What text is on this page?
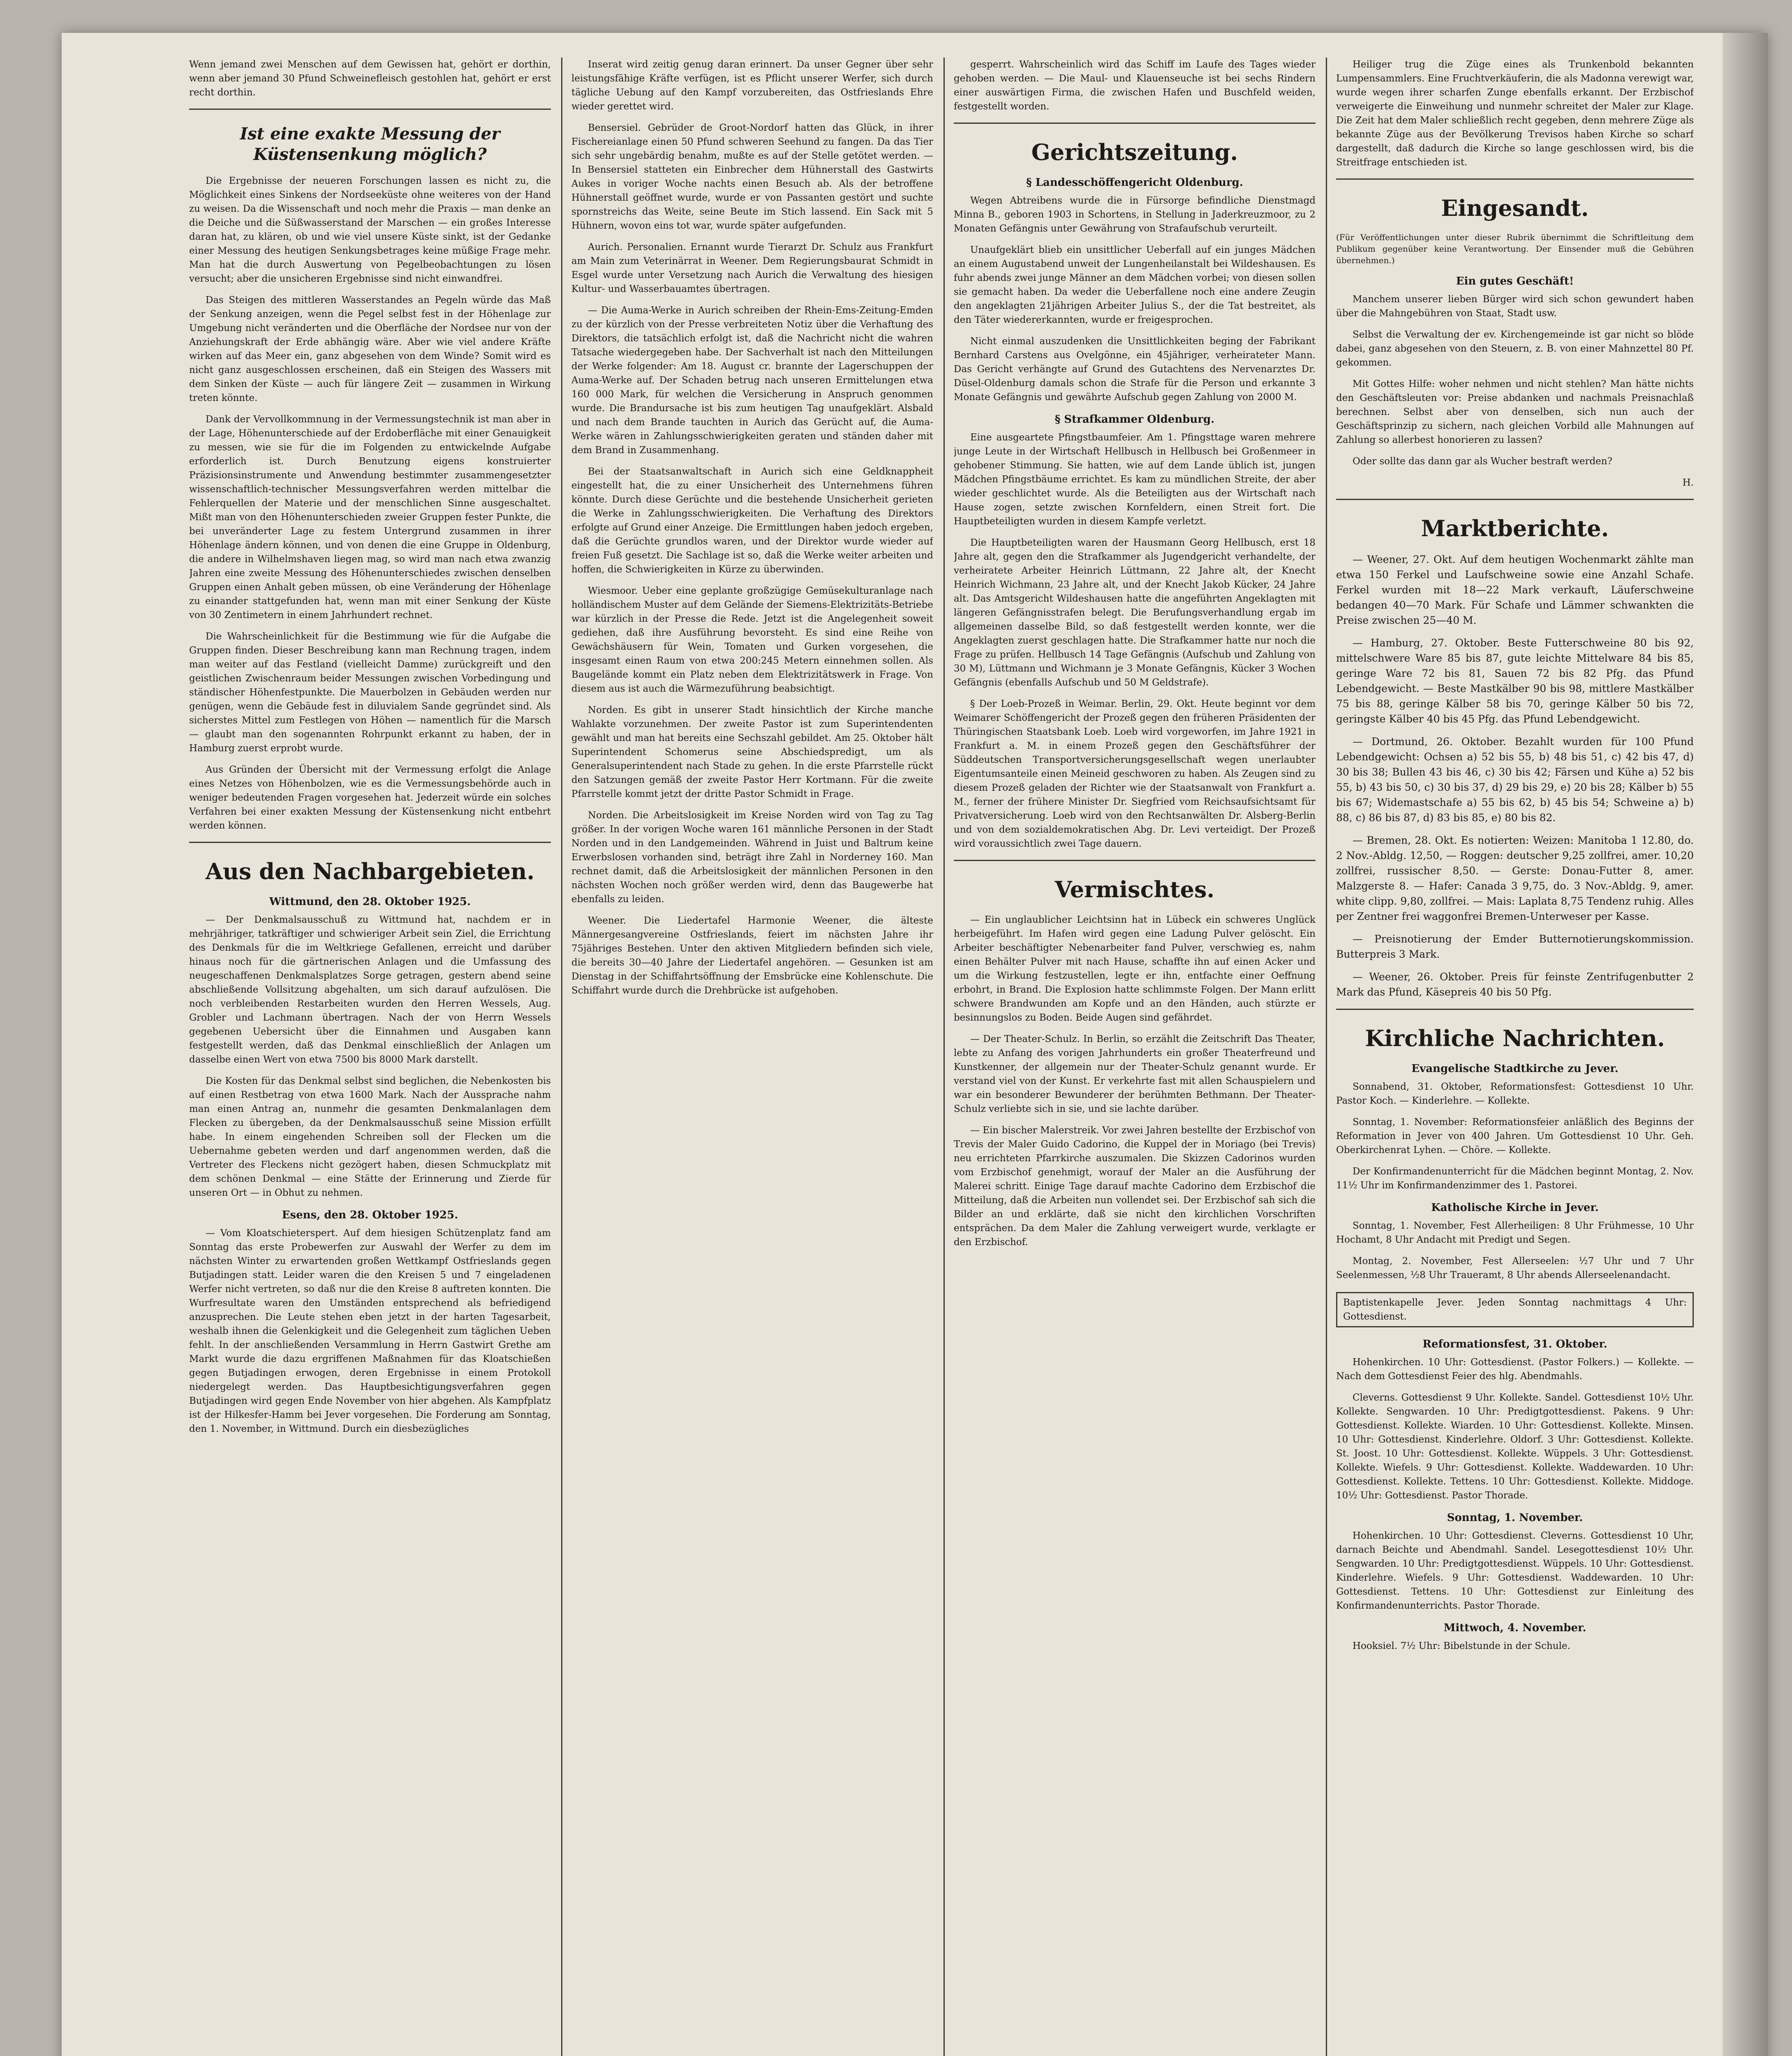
Wenn jemand zwei Menschen auf dem Gewissen hat, gehört er dorthin, wenn aber jemand 30 Pfund Schweinefleisch gestohlen hat, gehört er erst recht dorthin.

Ist eine exakte Messung der Küstensenkung möglich?

Die Ergebnisse der neueren Forschungen lassen es nicht zu, die Möglichkeit eines Sinkens der Nordseeküste ohne weiteres von der Hand zu weisen. Da die Wissenschaft und noch mehr die Praxis — man denke an die Deiche und die Süßwasserstand der Marschen — ein großes Interesse daran hat, zu klären, ob und wie viel unsere Küste sinkt, ist der Gedanke einer Messung des heutigen Senkungsbetrages keine müßige Frage mehr. Man hat die durch Auswertung von Pegelbeobachtungen zu lösen versucht; aber die unsicheren Ergebnisse sind nicht einwandfrei.

Das Steigen des mittleren Wasserstandes an Pegeln würde das Maß der Senkung anzeigen, wenn die Pegel selbst fest in der Höhenlage zur Umgebung nicht veränderten und die Oberfläche der Nordsee nur von der Anziehungskraft der Erde abhängig wäre. Aber wie viel andere Kräfte wirken auf das Meer ein, ganz abgesehen von dem Winde? Somit wird es nicht ganz ausgeschlossen erscheinen, daß ein Steigen des Wassers mit dem Sinken der Küste — auch für längere Zeit — zusammen in Wirkung treten könnte.

Dank der Vervollkommnung in der Vermessungstechnik ist man aber in der Lage, Höhenunterschiede auf der Erdoberfläche mit einer Genauigkeit zu messen, wie sie für die im Folgenden zu entwickelnde Aufgabe erforderlich ist. Durch Benutzung eigens konstruierter Präzisionsinstrumente und Anwendung bestimmter zusammengesetzter wissenschaftlich-technischer Messungsverfahren werden mittelbar die Fehlerquellen der Materie und der menschlichen Sinne ausgeschaltet. Mißt man von den Höhenunterschieden zweier Gruppen fester Punkte, die bei unveränderter Lage zu festem Untergrund zusammen in ihrer Höhenlage ändern können, und von denen die eine Gruppe in Oldenburg, die andere in Wilhelmshaven liegen mag, so wird man nach etwa zwanzig Jahren eine zweite Messung des Höhenunterschiedes zwischen denselben Gruppen einen Anhalt geben müssen, ob eine Veränderung der Höhenlage zu einander stattgefunden hat, wenn man mit einer Senkung der Küste von 30 Zentimetern in einem Jahrhundert rechnet.

Die Wahrscheinlichkeit für die Bestimmung wie für die Aufgabe die Gruppen finden. Dieser Beschreibung kann man Rechnung tragen, indem man weiter auf das Festland (vielleicht Damme) zurückgreift und den geistlichen Zwischenraum beider Messungen zwischen Vorbedingung und ständischer Höhenfestpunkte. Die Mauerbolzen in Gebäuden werden nur genügen, wenn die Gebäude fest in diluvialem Sande gegründet sind. Als sicherstes Mittel zum Festlegen von Höhen — namentlich für die Marsch — glaubt man den sogenannten Rohrpunkt erkannt zu haben, der in Hamburg zuerst erprobt wurde.

Aus Gründen der Übersicht mit der Vermessung erfolgt die Anlage eines Netzes von Höhenbolzen, wie es die Vermessungsbehörde auch in weniger bedeutenden Fragen vorgesehen hat. Jederzeit würde ein solches Verfahren bei einer exakten Messung der Küstensenkung nicht entbehrt werden können.

Aus den Nachbargebieten.
Wittmund, den 28. Oktober 1925.

— Der Denkmalsausschuß zu Wittmund hat, nachdem er in mehrjähriger, tatkräftiger und schwieriger Arbeit sein Ziel, die Errichtung des Denkmals für die im Weltkriege Gefallenen, erreicht und darüber hinaus noch für die gärtnerischen Anlagen und die Umfassung des neugeschaffenen Denkmalsplatzes Sorge getragen, gestern abend seine abschließende Vollsitzung abgehalten, um sich darauf aufzulösen. Die noch verbleibenden Restarbeiten wurden den Herren Wessels, Aug. Grobler und Lachmann übertragen. Nach der von Herrn Wessels gegebenen Uebersicht über die Einnahmen und Ausgaben kann festgestellt werden, daß das Denkmal einschließlich der Anlagen um dasselbe einen Wert von etwa 7500 bis 8000 Mark darstellt.

Die Kosten für das Denkmal selbst sind beglichen, die Nebenkosten bis auf einen Restbetrag von etwa 1600 Mark. Nach der Aussprache nahm man einen Antrag an, nunmehr die gesamten Denkmalanlagen dem Flecken zu übergeben, da der Denkmalsausschuß seine Mission erfüllt habe. In einem eingehenden Schreiben soll der Flecken um die Uebernahme gebeten werden und darf angenommen werden, daß die Vertreter des Fleckens nicht gezögert haben, diesen Schmuckplatz mit dem schönen Denkmal — eine Stätte der Erinnerung und Zierde für unseren Ort — in Obhut zu nehmen.

Esens, den 28. Oktober 1925.

— Vom Kloatschieterspert. Auf dem hiesigen Schützenplatz fand am Sonntag das erste Probewerfen zur Auswahl der Werfer zu dem im nächsten Winter zu erwartenden großen Wettkampf Ostfrieslands gegen Butjadingen statt. Leider waren die den Kreisen 5 und 7 eingeladenen Werfer nicht vertreten, so daß nur die den Kreise 8 auftreten konnten. Die Wurfresultate waren den Umständen entsprechend als befriedigend anzusprechen. Die Leute stehen eben jetzt in der harten Tagesarbeit, weshalb ihnen die Gelenkigkeit und die Gelegenheit zum täglichen Ueben fehlt. In der anschließenden Versammlung in Herrn Gastwirt Grethe am Markt wurde die dazu ergriffenen Maßnahmen für das Kloatschießen gegen Butjadingen erwogen, deren Ergebnisse in einem Protokoll niedergelegt werden. Das Hauptbesichtigungsverfahren gegen Butjadingen wird gegen Ende November von hier abgehen. Als Kampfplatz ist der Hilkesfer-Hamm bei Jever vorgesehen. Die Forderung am Sonntag, den 1. November, in Wittmund. Durch ein diesbezügliches

Inserat wird zeitig genug daran erinnert. Da unser Gegner über sehr leistungsfähige Kräfte verfügen, ist es Pflicht unserer Werfer, sich durch tägliche Uebung auf den Kampf vorzubereiten, das Ostfrieslands Ehre wieder gerettet wird.

Bensersiel. Gebrüder de Groot-Nordorf hatten das Glück, in ihrer Fischereianlage einen 50 Pfund schweren Seehund zu fangen. Da das Tier sich sehr ungebärdig benahm, mußte es auf der Stelle getötet werden. — In Bensersiel statteten ein Einbrecher dem Hühnerstall des Gastwirts Aukes in voriger Woche nachts einen Besuch ab. Als der betroffene Hühnerstall geöffnet wurde, wurde er von Passanten gestört und suchte spornstreichs das Weite, seine Beute im Stich lassend. Ein Sack mit 5 Hühnern, wovon eins tot war, wurde später aufgefunden.

Aurich. Personalien. Ernannt wurde Tierarzt Dr. Schulz aus Frankfurt am Main zum Veterinärrat in Weener. Dem Regierungsbaurat Schmidt in Esgel wurde unter Versetzung nach Aurich die Verwaltung des hiesigen Kultur- und Wasserbauamtes übertragen.

— Die Auma-Werke in Aurich schreiben der Rhein-Ems-Zeitung-Emden zu der kürzlich von der Presse verbreiteten Notiz über die Verhaftung des Direktors, die tatsächlich erfolgt ist, daß die Nachricht nicht die wahren Tatsache wiedergegeben habe. Der Sachverhalt ist nach den Mitteilungen der Werke folgender: Am 18. August cr. brannte der Lagerschuppen der Auma-Werke auf. Der Schaden betrug nach unseren Ermittelungen etwa 160 000 Mark, für welchen die Versicherung in Anspruch genommen wurde. Die Brandursache ist bis zum heutigen Tag unaufgeklärt. Alsbald und nach dem Brande tauchten in Aurich das Gerücht auf, die Auma-Werke wären in Zahlungsschwierigkeiten geraten und ständen daher mit dem Brand in Zusammenhang.

Bei der Staatsanwaltschaft in Aurich sich eine Geldknappheit eingestellt hat, die zu einer Unsicherheit des Unternehmens führen könnte. Durch diese Gerüchte und die bestehende Unsicherheit gerieten die Werke in Zahlungsschwierigkeiten. Die Verhaftung des Direktors erfolgte auf Grund einer Anzeige. Die Ermittlungen haben jedoch ergeben, daß die Gerüchte grundlos waren, und der Direktor wurde wieder auf freien Fuß gesetzt. Die Sachlage ist so, daß die Werke weiter arbeiten und hoffen, die Schwierigkeiten in Kürze zu überwinden.

Wiesmoor. Ueber eine geplante großzügige Gemüsekulturanlage nach holländischem Muster auf dem Gelände der Siemens-Elektrizitäts-Betriebe war kürzlich in der Presse die Rede. Jetzt ist die Angelegenheit soweit gediehen, daß ihre Ausführung bevorsteht. Es sind eine Reihe von Gewächshäusern für Wein, Tomaten und Gurken vorgesehen, die insgesamt einen Raum von etwa 200:245 Metern einnehmen sollen. Als Baugelände kommt ein Platz neben dem Elektrizitätswerk in Frage. Von diesem aus ist auch die Wärmezuführung beabsichtigt.

Norden. Es gibt in unserer Stadt hinsichtlich der Kirche manche Wahlakte vorzunehmen. Der zweite Pastor ist zum Superintendenten gewählt und man hat bereits eine Sechszahl gebildet. Am 25. Oktober hält Superintendent Schomerus seine Abschiedspredigt, um als Generalsuperintendent nach Stade zu gehen. In die erste Pfarrstelle rückt den Satzungen gemäß der zweite Pastor Herr Kortmann. Für die zweite Pfarrstelle kommt jetzt der dritte Pastor Schmidt in Frage.

Norden. Die Arbeitslosigkeit im Kreise Norden wird von Tag zu Tag größer. In der vorigen Woche waren 161 männliche Personen in der Stadt Norden und in den Landgemeinden. Während in Juist und Baltrum keine Erwerbslosen vorhanden sind, beträgt ihre Zahl in Norderney 160. Man rechnet damit, daß die Arbeitslosigkeit der männlichen Personen in den nächsten Wochen noch größer werden wird, denn das Baugewerbe hat ebenfalls zu leiden.

Weener. Die Liedertafel Harmonie Weener, die älteste Männergesangvereine Ostfrieslands, feiert im nächsten Jahre ihr 75jähriges Bestehen. Unter den aktiven Mitgliedern befinden sich viele, die bereits 30—40 Jahre der Liedertafel angehören. — Gesunken ist am Dienstag in der Schiffahrtsöffnung der Emsbrücke eine Kohlenschute. Die Schiffahrt wurde durch die Drehbrücke ist aufgehoben.

gesperrt. Wahrscheinlich wird das Schiff im Laufe des Tages wieder gehoben werden. — Die Maul- und Klauenseuche ist bei sechs Rindern einer auswärtigen Firma, die zwischen Hafen und Buschfeld weiden, festgestellt worden.

Gerichtszeitung.
§ Landesschöffengericht Oldenburg.

Wegen Abtreibens wurde die in Fürsorge befindliche Dienstmagd Minna B., geboren 1903 in Schortens, in Stellung in Jaderkreuzmoor, zu 2 Monaten Gefängnis unter Gewährung von Strafaufschub verurteilt.

Unaufgeklärt blieb ein unsittlicher Ueberfall auf ein junges Mädchen an einem Augustabend unweit der Lungenheilanstalt bei Wildeshausen. Es fuhr abends zwei junge Männer an dem Mädchen vorbei; von diesen sollen sie gemacht haben. Da weder die Ueberfallene noch eine andere Zeugin den angeklagten 21jährigen Arbeiter Julius S., der die Tat bestreitet, als den Täter wiedererkannten, wurde er freigesprochen.

Nicht einmal auszudenken die Unsittlichkeiten beging der Fabrikant Bernhard Carstens aus Ovelgönne, ein 45jähriger, verheirateter Mann. Das Gericht verhängte auf Grund des Gutachtens des Nervenarztes Dr. Düsel-Oldenburg damals schon die Strafe für die Person und erkannte 3 Monate Gefängnis und gewährte Aufschub gegen Zahlung von 2000 M.

§ Strafkammer Oldenburg.

Eine ausgeartete Pfingstbaumfeier. Am 1. Pfingsttage waren mehrere junge Leute in der Wirtschaft Hellbusch in Hellbusch bei Großenmeer in gehobener Stimmung. Sie hatten, wie auf dem Lande üblich ist, jungen Mädchen Pfingstbäume errichtet. Es kam zu mündlichen Streite, der aber wieder geschlichtet wurde. Als die Beteiligten aus der Wirtschaft nach Hause zogen, setzte zwischen Kornfeldern, einen Streit fort. Die Hauptbeteiligten wurden in diesem Kampfe verletzt.

Die Hauptbeteiligten waren der Hausmann Georg Hellbusch, erst 18 Jahre alt, gegen den die Strafkammer als Jugendgericht verhandelte, der verheiratete Arbeiter Heinrich Lüttmann, 22 Jahre alt, der Knecht Heinrich Wichmann, 23 Jahre alt, und der Knecht Jakob Kücker, 24 Jahre alt. Das Amtsgericht Wildeshausen hatte die angeführten Angeklagten mit längeren Gefängnisstrafen belegt. Die Berufungsverhandlung ergab im allgemeinen dasselbe Bild, so daß festgestellt werden konnte, wer die Angeklagten zuerst geschlagen hatte. Die Strafkammer hatte nur noch die Frage zu prüfen. Hellbusch 14 Tage Gefängnis (Aufschub und Zahlung von 30 M), Lüttmann und Wichmann je 3 Monate Gefängnis, Kücker 3 Wochen Gefängnis (ebenfalls Aufschub und 50 M Geldstrafe).

§ Der Loeb-Prozeß in Weimar. Berlin, 29. Okt. Heute beginnt vor dem Weimarer Schöffengericht der Prozeß gegen den früheren Präsidenten der Thüringischen Staatsbank Loeb. Loeb wird vorgeworfen, im Jahre 1921 in Frankfurt a. M. in einem Prozeß gegen den Geschäftsführer der Süddeutschen Transportversicherungsgesellschaft wegen unerlaubter Eigentumsanteile einen Meineid geschworen zu haben. Als Zeugen sind zu diesem Prozeß geladen der Richter wie der Staatsanwalt von Frankfurt a. M., ferner der frühere Minister Dr. Siegfried vom Reichsaufsichtsamt für Privatversicherung. Loeb wird von den Rechtsanwälten Dr. Alsberg-Berlin und von dem sozialdemokratischen Abg. Dr. Levi verteidigt. Der Prozeß wird voraussichtlich zwei Tage dauern.

Vermischtes.

— Ein unglaublicher Leichtsinn hat in Lübeck ein schweres Unglück herbeigeführt. Im Hafen wird gegen eine Ladung Pulver gelöscht. Ein Arbeiter beschäftigter Nebenarbeiter fand Pulver, verschwieg es, nahm einen Behälter Pulver mit nach Hause, schaffte ihn auf einen Acker und um die Wirkung festzustellen, legte er ihn, entfachte einer Oeffnung erbohrt, in Brand. Die Explosion hatte schlimmste Folgen. Der Mann erlitt schwere Brandwunden am Kopfe und an den Händen, auch stürzte er besinnungslos zu Boden. Beide Augen sind gefährdet.

— Der Theater-Schulz. In Berlin, so erzählt die Zeitschrift Das Theater, lebte zu Anfang des vorigen Jahrhunderts ein großer Theaterfreund und Kunstkenner, der allgemein nur der Theater-Schulz genannt wurde. Er verstand viel von der Kunst. Er verkehrte fast mit allen Schauspielern und war ein besonderer Bewunderer der berühmten Bethmann. Der Theater-Schulz verliebte sich in sie, und sie lachte darüber.

— Ein bischer Malerstreik. Vor zwei Jahren bestellte der Erzbischof von Trevis der Maler Guido Cadorino, die Kuppel der in Moriago (bei Trevis) neu errichteten Pfarrkirche auszumalen. Die Skizzen Cadorinos wurden vom Erzbischof genehmigt, worauf der Maler an die Ausführung der Malerei schritt. Einige Tage darauf machte Cadorino dem Erzbischof die Mitteilung, daß die Arbeiten nun vollendet sei. Der Erzbischof sah sich die Bilder an und erklärte, daß sie nicht den kirchlichen Vorschriften entsprächen. Da dem Maler die Zahlung verweigert wurde, verklagte er den Erzbischof.

Heiliger trug die Züge eines als Trunkenbold bekannten Lumpensammlers. Eine Fruchtverkäuferin, die als Madonna verewigt war, wurde wegen ihrer scharfen Zunge ebenfalls erkannt. Der Erzbischof verweigerte die Einweihung und nunmehr schreitet der Maler zur Klage. Die Zeit hat dem Maler schließlich recht gegeben, denn mehrere Züge als bekannte Züge aus der Bevölkerung Trevisos haben Kirche so scharf dargestellt, daß dadurch die Kirche so lange geschlossen wird, bis die Streitfrage entschieden ist.

Eingesandt.

(Für Veröffentlichungen unter dieser Rubrik übernimmt die Schriftleitung dem Publikum gegenüber keine Verantwortung. Der Einsender muß die Gebühren übernehmen.)

Ein gutes Geschäft!

Manchem unserer lieben Bürger wird sich schon gewundert haben über die Mahngebühren von Staat, Stadt usw.

Selbst die Verwaltung der ev. Kirchengemeinde ist gar nicht so blöde dabei, ganz abgesehen von den Steuern, z. B. von einer Mahnzettel 80 Pf. gekommen.

Mit Gottes Hilfe: woher nehmen und nicht stehlen? Man hätte nichts den Geschäftsleuten vor: Preise abdanken und nachmals Preisnachlaß berechnen. Selbst aber von denselben, sich nun auch der Geschäftsprinzip zu sichern, nach gleichen Vorbild alle Mahnungen auf Zahlung so allerbest honorieren zu lassen?

Oder sollte das dann gar als Wucher bestraft werden?

H.

Marktberichte.

— Weener, 27. Okt. Auf dem heutigen Wochenmarkt zählte man etwa 150 Ferkel und Laufschweine sowie eine Anzahl Schafe. Ferkel wurden mit 18—22 Mark verkauft, Läuferschweine bedangen 40—70 Mark. Für Schafe und Lämmer schwankten die Preise zwischen 25—40 M.

— Hamburg, 27. Oktober. Beste Futterschweine 80 bis 92, mittelschwere Ware 85 bis 87, gute leichte Mittelware 84 bis 85, geringe Ware 72 bis 81, Sauen 72 bis 82 Pfg. das Pfund Lebendgewicht. — Beste Mastkälber 90 bis 98, mittlere Mastkälber 75 bis 88, geringe Kälber 58 bis 70, geringe Kälber 50 bis 72, geringste Kälber 40 bis 45 Pfg. das Pfund Lebendgewicht.

— Dortmund, 26. Oktober. Bezahlt wurden für 100 Pfund Lebendgewicht: Ochsen a) 52 bis 55, b) 48 bis 51, c) 42 bis 47, d) 30 bis 38; Bullen 43 bis 46, c) 30 bis 42; Färsen und Kühe a) 52 bis 55, b) 43 bis 50, c) 30 bis 37, d) 29 bis 29, e) 20 bis 28; Kälber b) 55 bis 67; Widemastschafe a) 55 bis 62, b) 45 bis 54; Schweine a) b) 88, c) 86 bis 87, d) 83 bis 85, e) 80 bis 82.

— Bremen, 28. Okt. Es notierten: Weizen: Manitoba 1 12.80, do. 2 Nov.-Abldg. 12,50, — Roggen: deutscher 9,25 zollfrei, amer. 10,20 zollfrei, russischer 8,50. — Gerste: Donau-Futter 8, amer. Malzgerste 8. — Hafer: Canada 3 9,75, do. 3 Nov.-Abldg. 9, amer. white clipp. 9,80, zollfrei. — Mais: Laplata 8,75 Tendenz ruhig. Alles per Zentner frei waggonfrei Bremen-Unterweser per Kasse.

— Preisnotierung der Emder Butternotierungskommission. Butterpreis 3 Mark.

— Weener, 26. Oktober. Preis für feinste Zentrifugenbutter 2 Mark das Pfund, Käsepreis 40 bis 50 Pfg.

Kirchliche Nachrichten.
Evangelische Stadtkirche zu Jever.

Sonnabend, 31. Oktober, Reformationsfest: Gottesdienst 10 Uhr. Pastor Koch. — Kinderlehre. — Kollekte.

Sonntag, 1. November: Reformationsfeier anläßlich des Beginns der Reformation in Jever von 400 Jahren. Um Gottesdienst 10 Uhr. Geh. Oberkirchenrat Lyhen. — Chöre. — Kollekte.

Der Konfirmandenunterricht für die Mädchen beginnt Montag, 2. Nov. 11½ Uhr im Konfirmandenzimmer des 1. Pastorei.

Katholische Kirche in Jever.

Sonntag, 1. November, Fest Allerheiligen: 8 Uhr Frühmesse, 10 Uhr Hochamt, 8 Uhr Andacht mit Predigt und Segen.

Montag, 2. November, Fest Allerseelen: ½7 Uhr und 7 Uhr Seelenmessen, ½8 Uhr Traueramt, 8 Uhr abends Allerseelenandacht.

Baptistenkapelle Jever. Jeden Sonntag nachmittags 4 Uhr: Gottesdienst.
Reformationsfest, 31. Oktober.

Hohenkirchen. 10 Uhr: Gottesdienst. (Pastor Folkers.) — Kollekte. — Nach dem Gottesdienst Feier des hlg. Abendmahls.

Cleverns. Gottesdienst 9 Uhr. Kollekte. Sandel. Gottesdienst 10½ Uhr. Kollekte. Sengwarden. 10 Uhr: Predigtgottesdienst. Pakens. 9 Uhr: Gottesdienst. Kollekte. Wiarden. 10 Uhr: Gottesdienst. Kollekte. Minsen. 10 Uhr: Gottesdienst. Kinderlehre. Oldorf. 3 Uhr: Gottesdienst. Kollekte. St. Joost. 10 Uhr: Gottesdienst. Kollekte. Wüppels. 3 Uhr: Gottesdienst. Kollekte. Wiefels. 9 Uhr: Gottesdienst. Kollekte. Waddewarden. 10 Uhr: Gottesdienst. Kollekte. Tettens. 10 Uhr: Gottesdienst. Kollekte. Middoge. 10½ Uhr: Gottesdienst. Pastor Thorade.

Sonntag, 1. November.

Hohenkirchen. 10 Uhr: Gottesdienst. Cleverns. Gottesdienst 10 Uhr, darnach Beichte und Abendmahl. Sandel. Lesegottesdienst 10½ Uhr. Sengwarden. 10 Uhr: Predigtgottesdienst. Wüppels. 10 Uhr: Gottesdienst. Kinderlehre. Wiefels. 9 Uhr: Gottesdienst. Waddewarden. 10 Uhr: Gottesdienst. Tettens. 10 Uhr: Gottesdienst zur Einleitung des Konfirmandenunterrichts. Pastor Thorade.

Mittwoch, 4. November.

Hooksiel. 7½ Uhr: Bibelstunde in der Schule.
